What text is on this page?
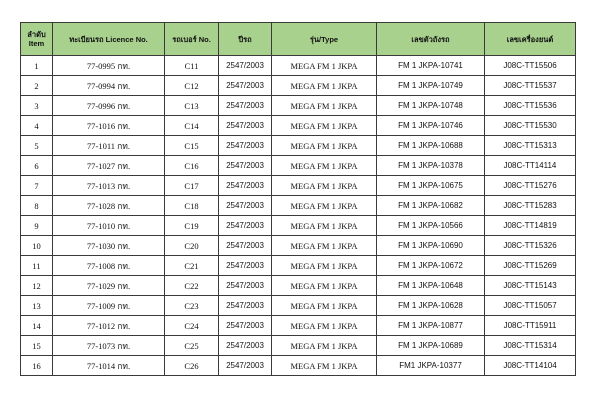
ลำดับ
Item	ทะเบียนรถ Licence No.	รถเบอร์ No.	ปีรถ	รุ่น/Type	เลขตัวถังรถ	เลขเครื่องยนต์
1	77-0995 กท.	C11	2547/2003	MEGA FM 1 JKPA	FM 1 JKPA-10741	J08C-TT15506
2	77-0994 กท.	C12	2547/2003	MEGA FM 1 JKPA	FM 1 JKPA-10749	J08C-TT15537
3	77-0996 กท.	C13	2547/2003	MEGA FM 1 JKPA	FM 1 JKPA-10748	J08C-TT15536
4	77-1016 กท.	C14	2547/2003	MEGA FM 1 JKPA	FM 1 JKPA-10746	J08C-TT15530
5	77-1011 กท.	C15	2547/2003	MEGA FM 1 JKPA	FM 1 JKPA-10688	J08C-TT15313
6	77-1027 กท.	C16	2547/2003	MEGA FM 1 JKPA	FM 1 JKPA-10378	J08C-TT14114
7	77-1013 กท.	C17	2547/2003	MEGA FM 1 JKPA	FM 1 JKPA-10675	J08C-TT15276
8	77-1028 กท.	C18	2547/2003	MEGA FM 1 JKPA	FM 1 JKPA-10682	J08C-TT15283
9	77-1010 กท.	C19	2547/2003	MEGA FM 1 JKPA	FM 1 JKPA-10566	J08C-TT14819
10	77-1030 กท.	C20	2547/2003	MEGA FM 1 JKPA	FM 1 JKPA-10690	J08C-TT15326
11	77-1008 กท.	C21	2547/2003	MEGA FM 1 JKPA	FM 1 JKPA-10672	J08C-TT15269
12	77-1029 กท.	C22	2547/2003	MEGA FM 1 JKPA	FM 1 JKPA-10648	J08C-TT15143
13	77-1009 กท.	C23	2547/2003	MEGA FM 1 JKPA	FM 1 JKPA-10628	J08C-TT15057
14	77-1012 กท.	C24	2547/2003	MEGA FM 1 JKPA	FM 1 JKPA-10877	J08C-TT15911
15	77-1073 กท.	C25	2547/2003	MEGA FM 1 JKPA	FM 1 JKPA-10689	J08C-TT15314
16	77-1014 กท.	C26	2547/2003	MEGA FM 1 JKPA	FM1 JKPA-10377	J08C-TT14104
